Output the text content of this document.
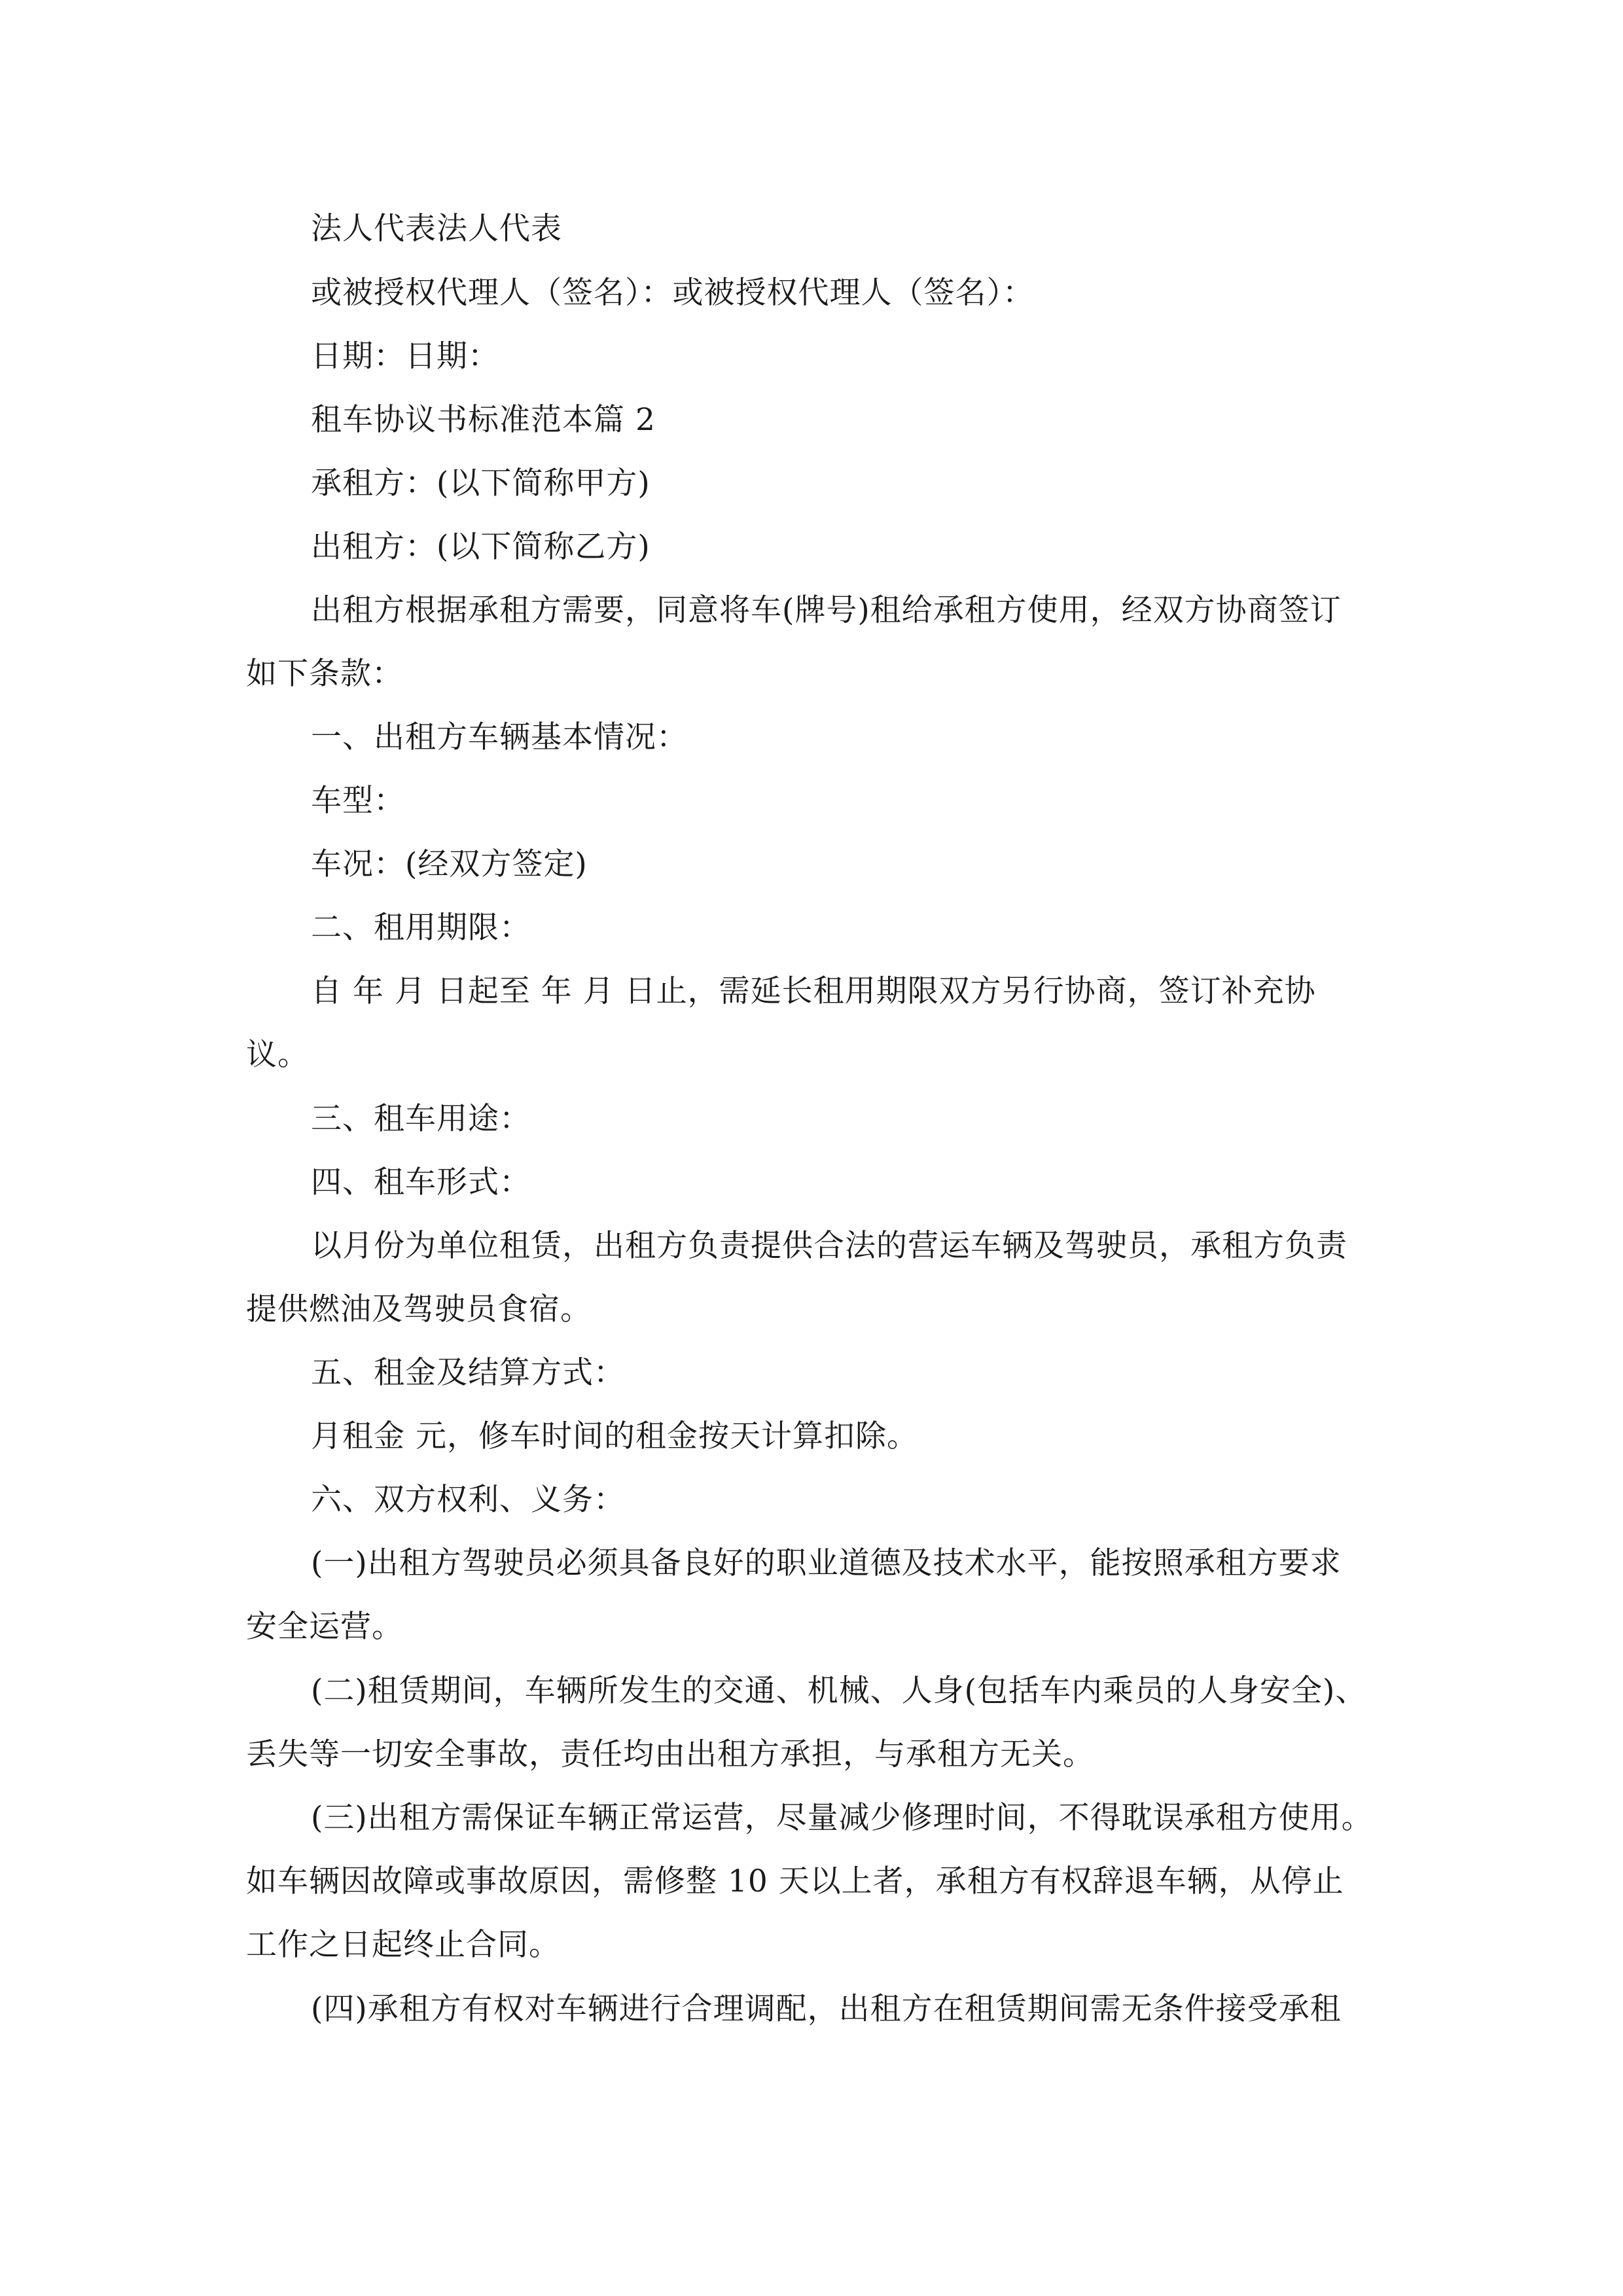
法人代表法人代表
或被授权代理人（签名）：或被授权代理人（签名）：
日期：日期：
租车协议书标准范本篇 2
承租方：(以下简称甲方)
出租方：(以下简称乙方)
出租方根据承租方需要，同意将车(牌号)租给承租方使用，经双方协商签订
如下条款：
一、出租方车辆基本情况：
车型：
车况：(经双方签定)
二、租用期限：
自 年 月 日起至 年 月 日止，需延长租用期限双方另行协商，签订补充协
议。
三、租车用途：
四、租车形式：
以月份为单位租赁，出租方负责提供合法的营运车辆及驾驶员，承租方负责
提供燃油及驾驶员食宿。
五、租金及结算方式：
月租金 元，修车时间的租金按天计算扣除。
六、双方权利、义务：
(一)出租方驾驶员必须具备良好的职业道德及技术水平，能按照承租方要求
安全运营。
(二)租赁期间，车辆所发生的交通、机械、人身(包括车内乘员的人身安全)、
丢失等一切安全事故，责任均由出租方承担，与承租方无关。
(三)出租方需保证车辆正常运营，尽量减少修理时间，不得耽误承租方使用。
如车辆因故障或事故原因，需修整 10 天以上者，承租方有权辞退车辆，从停止
工作之日起终止合同。
(四)承租方有权对车辆进行合理调配，出租方在租赁期间需无条件接受承租
